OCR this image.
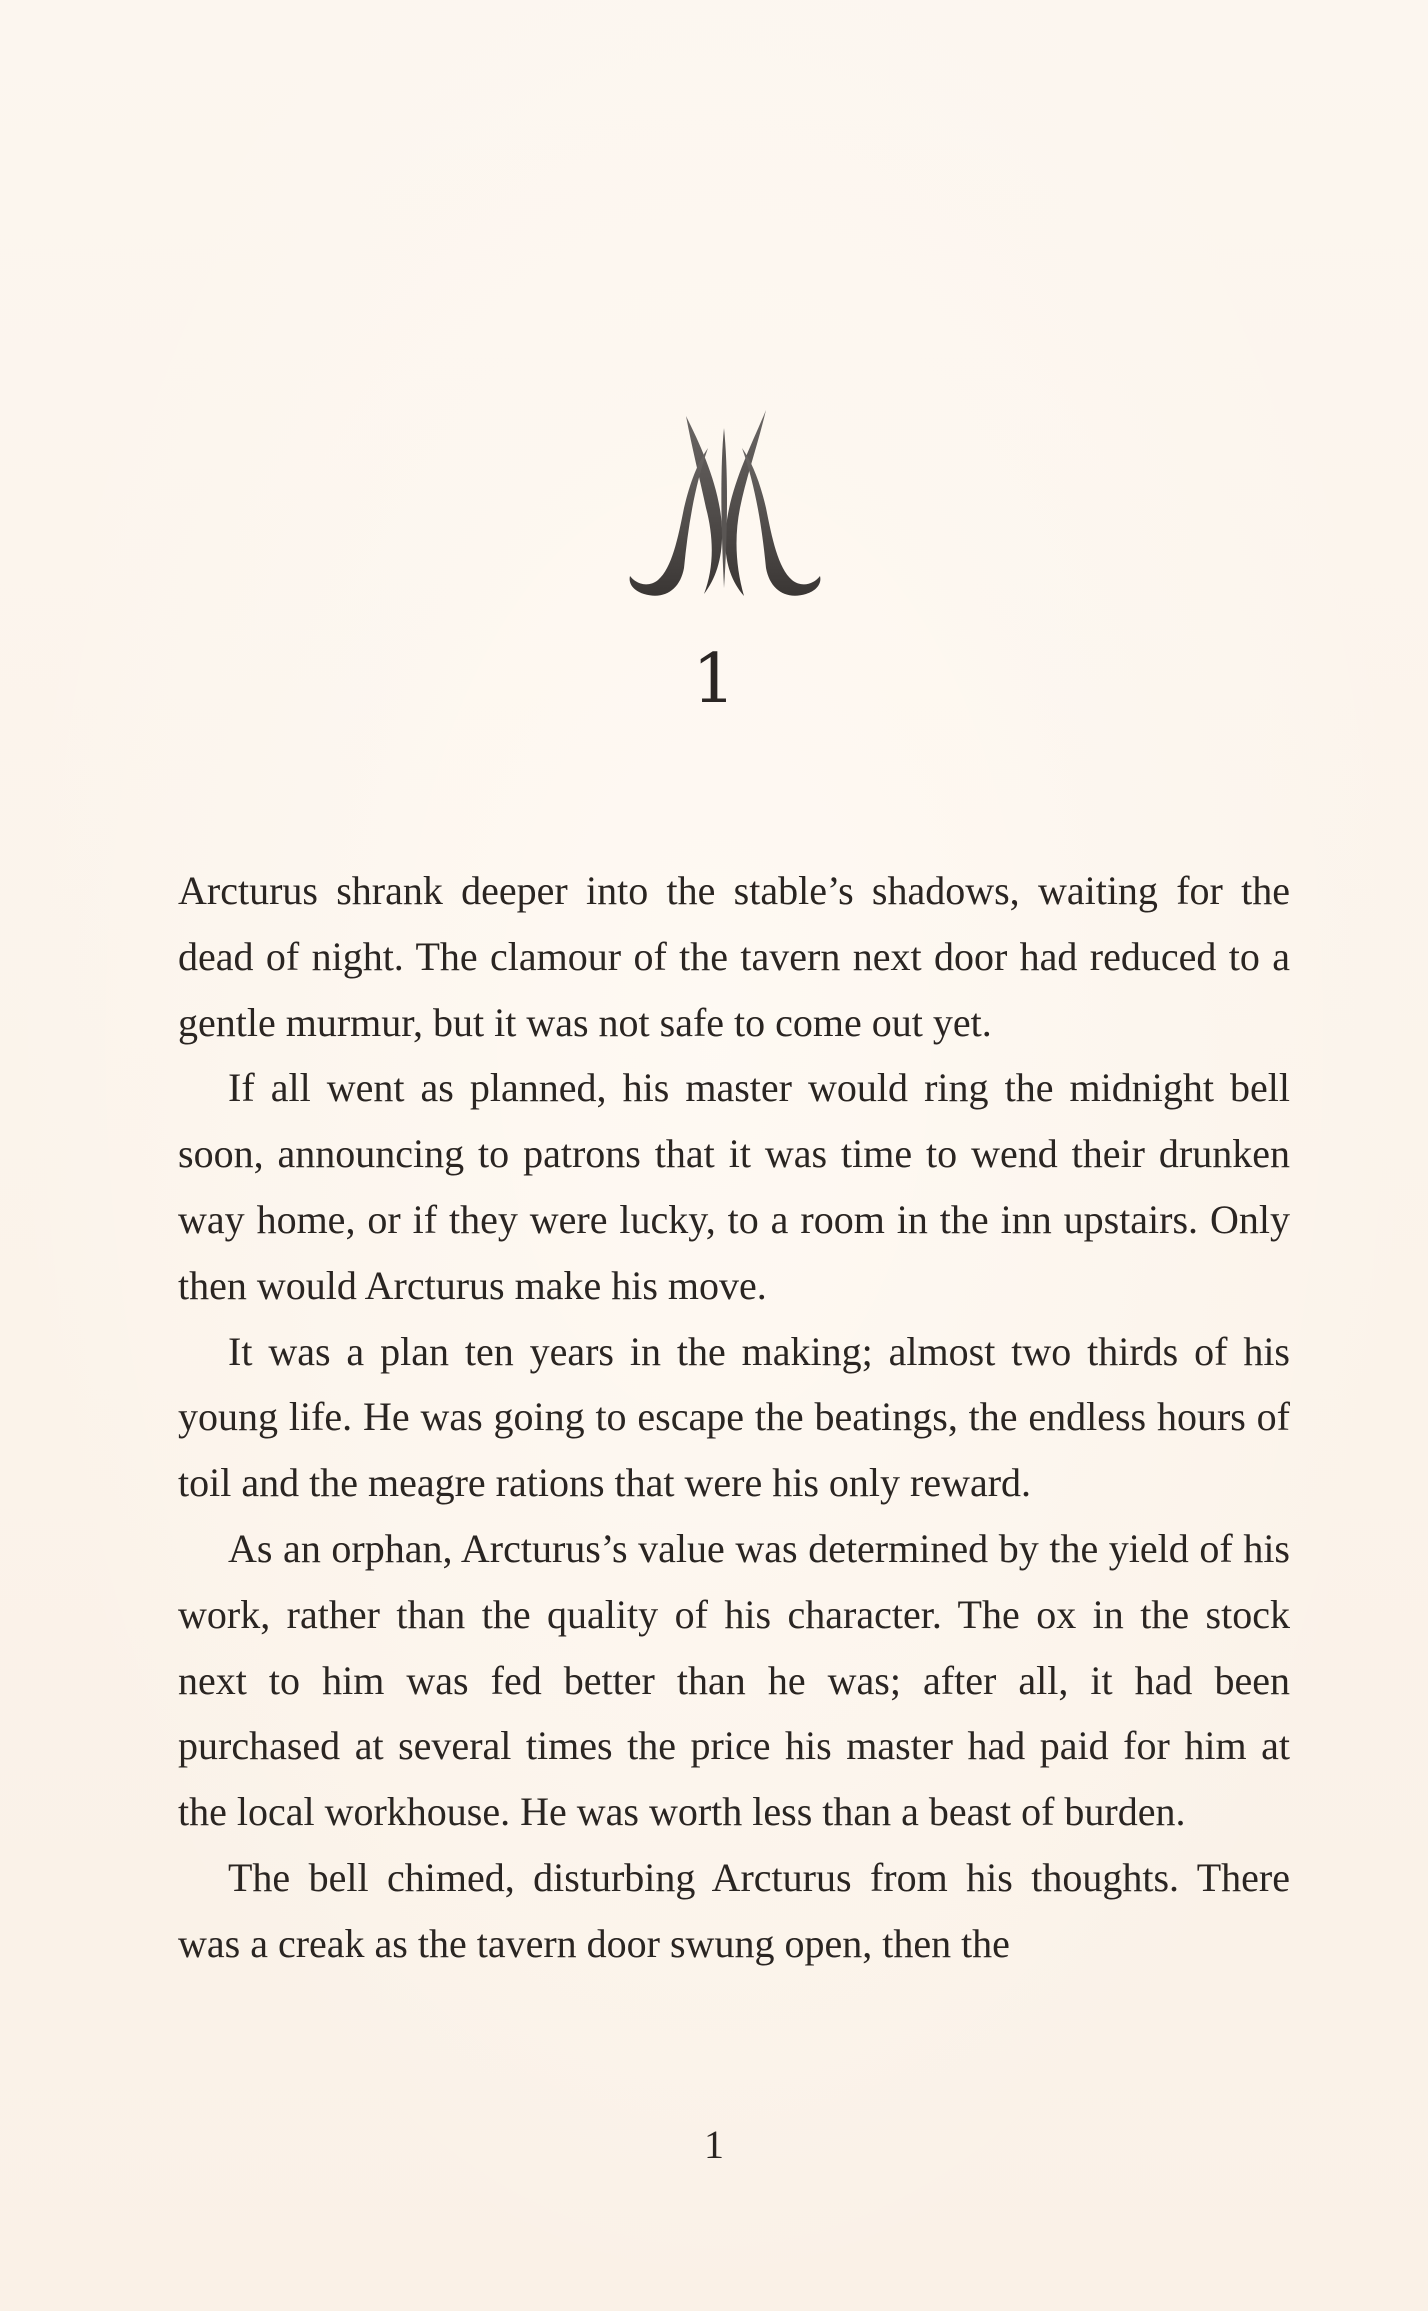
1

Arcturus shrank deeper into the stable’s shadows, waiting for the dead of night. The clamour of the tavern next door had reduced to a gentle murmur, but it was not safe to come out yet.

If all went as planned, his master would ring the midnight bell soon, announcing to patrons that it was time to wend their drunken way home, or if they were lucky, to a room in the inn upstairs. Only then would Arcturus make his move.

It was a plan ten years in the making; almost two thirds of his young life. He was going to escape the beatings, the endless hours of toil and the meagre rations that were his only reward.

As an orphan, Arcturus’s value was determined by the yield of his work, rather than the quality of his character. The ox in the stock next to him was fed better than he was; after all, it had been purchased at several times the price his master had paid for him at the local workhouse. He was worth less than a beast of burden.

The bell chimed, disturbing Arcturus from his thoughts. There was a creak as the tavern door swung open, then the

1
